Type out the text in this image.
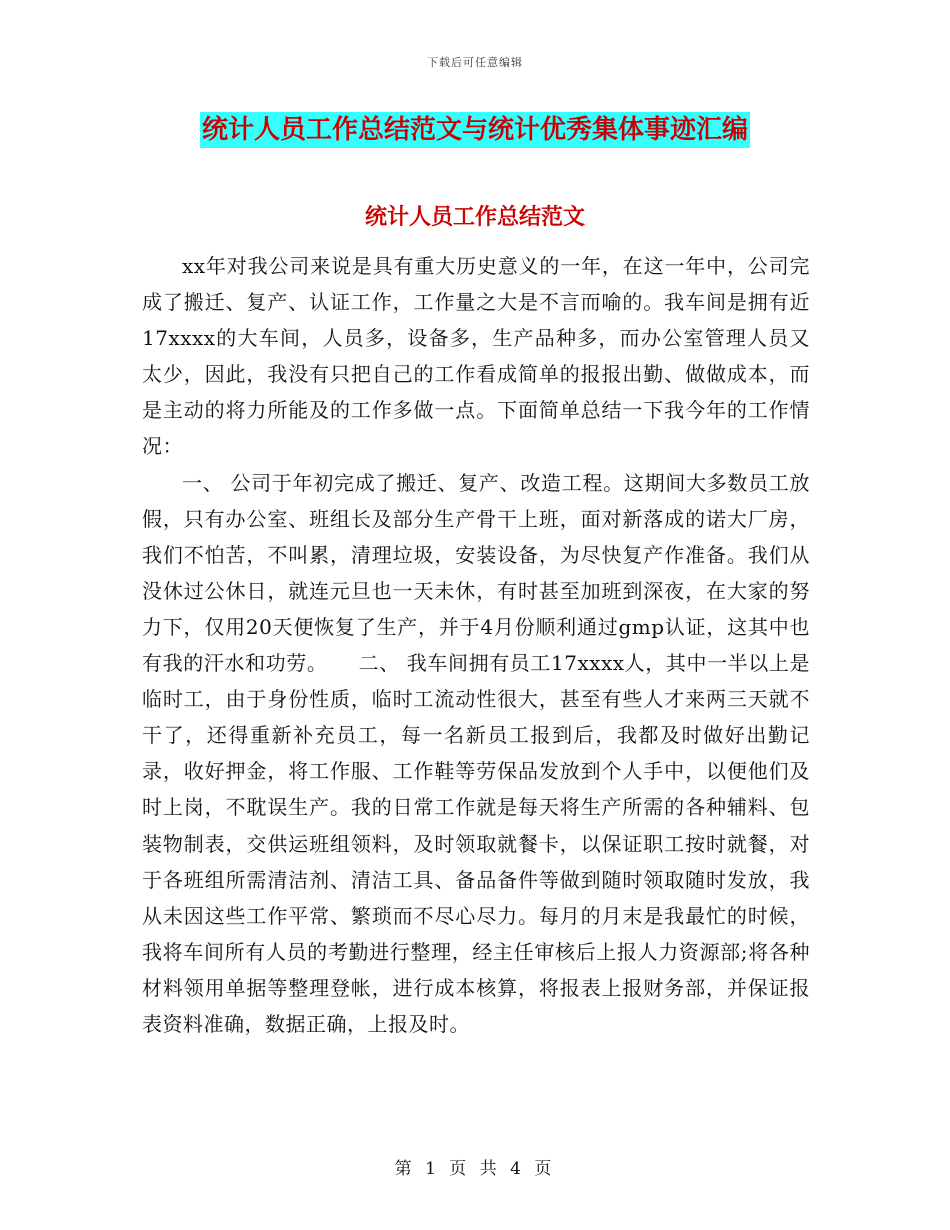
下载后可任意编辑
统计人员工作总结范文与统计优秀集体事迹汇编
统计人员工作总结范文

xx年对我公司来说是具有重大历史意义的一年，在这一年中，公司完成了搬迁、复产、认证工作，工作量之大是不言而喻的。我车间是拥有近17xxxx的大车间，人员多，设备多，生产品种多，而办公室管理人员又太少，因此，我没有只把自己的工作看成简单的报报出勤、做做成本，而是主动的将力所能及的工作多做一点。下面简单总结一下我今年的工作情况：

一、 公司于年初完成了搬迁、复产、改造工程。这期间大多数员工放假，只有办公室、班组长及部分生产骨干上班，面对新落成的诺大厂房，我们不怕苦，不叫累，清理垃圾，安装设备，为尽快复产作准备。我们从没休过公休日，就连元旦也一天未休，有时甚至加班到深夜，在大家的努力下，仅用20天便恢复了生产，并于4月份顺利通过gmp认证，这其中也有我的汗水和功劳。　　二、 我车间拥有员工17xxxx人，其中一半以上是临时工，由于身份性质，临时工流动性很大，甚至有些人才来两三天就不干了，还得重新补充员工，每一名新员工报到后，我都及时做好出勤记录，收好押金，将工作服、工作鞋等劳保品发放到个人手中，以便他们及时上岗，不耽误生产。我的日常工作就是每天将生产所需的各种辅料、包装物制表，交供运班组领料，及时领取就餐卡，以保证职工按时就餐，对于各班组所需清洁剂、清洁工具、备品备件等做到随时领取随时发放，我从未因这些工作平常、繁琐而不尽心尽力。每月的月末是我最忙的时候，我将车间所有人员的考勤进行整理，经主任审核后上报人力资源部;将各种材料领用单据等整理登帐，进行成本核算，将报表上报财务部，并保证报表资料准确，数据正确，上报及时。

第 1 页 共 4 页
